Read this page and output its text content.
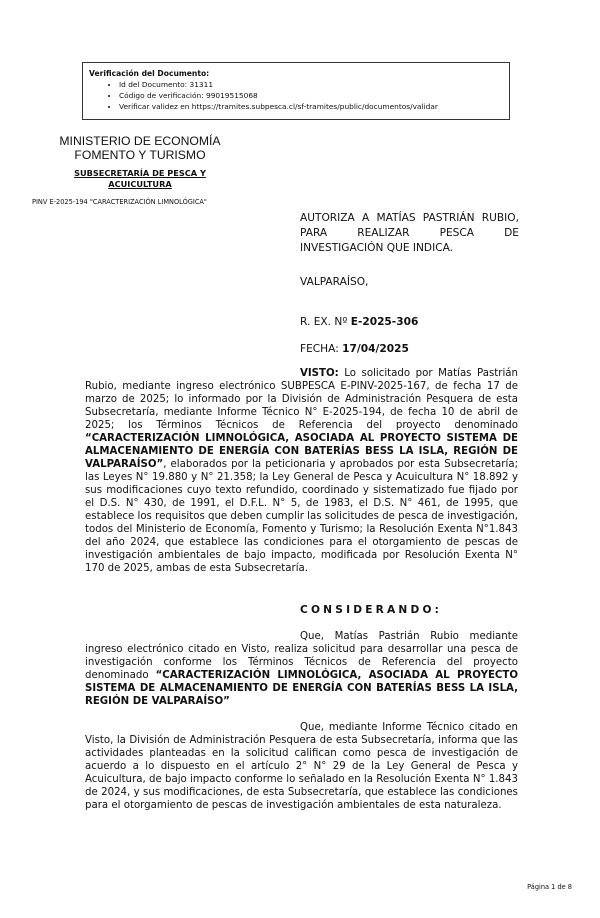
Verificación del Documento:
• Id del Documento: 31311
• Código de verificación: 99019515068
• Verificar validez en https://tramites.subpesca.cl/sf-tramites/public/documentos/validar
MINISTERIO DE ECONOMÍA
FOMENTO Y TURISMO
SUBSECRETARÍA DE PESCA Y
ACUICULTURA
PINV E-2025-194 "CARACTERIZACIÓN LIMNOLÓGICA"
AUTORIZA A MATÍAS PASTRIÁN RUBIO,
PARA REALIZAR PESCA DE
INVESTIGACIÓN QUE INDICA.
VALPARAÍSO,
R. EX. Nº E-2025-306
FECHA: 17/04/2025
VISTO: Lo solicitado por Matías Pastrián Rubio, mediante ingreso electrónico SUBPESCA E-PINV-2025-167, de fecha 17 de marzo de 2025; lo informado por la División de Administración Pesquera de esta Subsecretaría, mediante Informe Técnico N° E-2025-194, de fecha 10 de abril de 2025; los Términos Técnicos de Referencia del proyecto denominado “CARACTERIZACIÓN LIMNOLÓGICA, ASOCIADA AL PROYECTO SISTEMA DE ALMACENAMIENTO DE ENERGÍA CON BATERÍAS BESS LA ISLA, REGIÓN DE VALPARAÍSO”, elaborados por la peticionaria y aprobados por esta Subsecretaría; las Leyes N° 19.880 y N° 21.358; la Ley General de Pesca y Acuicultura N° 18.892 y sus modificaciones cuyo texto refundido, coordinado y sistematizado fue fijado por el D.S. N° 430, de 1991, el D.F.L. N° 5, de 1983, el D.S. N° 461, de 1995, que establece los requisitos que deben cumplir las solicitudes de pesca de investigación, todos del Ministerio de Economía, Fomento y Turismo; la Resolución Exenta N°1.843 del año 2024, que establece las condiciones para el otorgamiento de pescas de investigación ambientales de bajo impacto, modificada por Resolución Exenta N° 170 de 2025, ambas de esta Subsecretaría.
CONSIDERANDO:
Que, Matías Pastrián Rubio mediante ingreso electrónico citado en Visto, realiza solicitud para desarrollar una pesca de investigación conforme los Términos Técnicos de Referencia del proyecto denominado “CARACTERIZACIÓN LIMNOLÓGICA, ASOCIADA AL PROYECTO SISTEMA DE ALMACENAMIENTO DE ENERGÍA CON BATERÍAS BESS LA ISLA, REGIÓN DE VALPARAÍSO”
Que, mediante Informe Técnico citado en Visto, la División de Administración Pesquera de esta Subsecretaría, informa que las actividades planteadas en la solicitud califican como pesca de investigación de acuerdo a lo dispuesto en el artículo 2° N° 29 de la Ley General de Pesca y Acuicultura, de bajo impacto conforme lo señalado en la Resolución Exenta N° 1.843 de 2024, y sus modificaciones, de esta Subsecretaría, que establece las condiciones para el otorgamiento de pescas de investigación ambientales de esta naturaleza.
Página 1 de 8
